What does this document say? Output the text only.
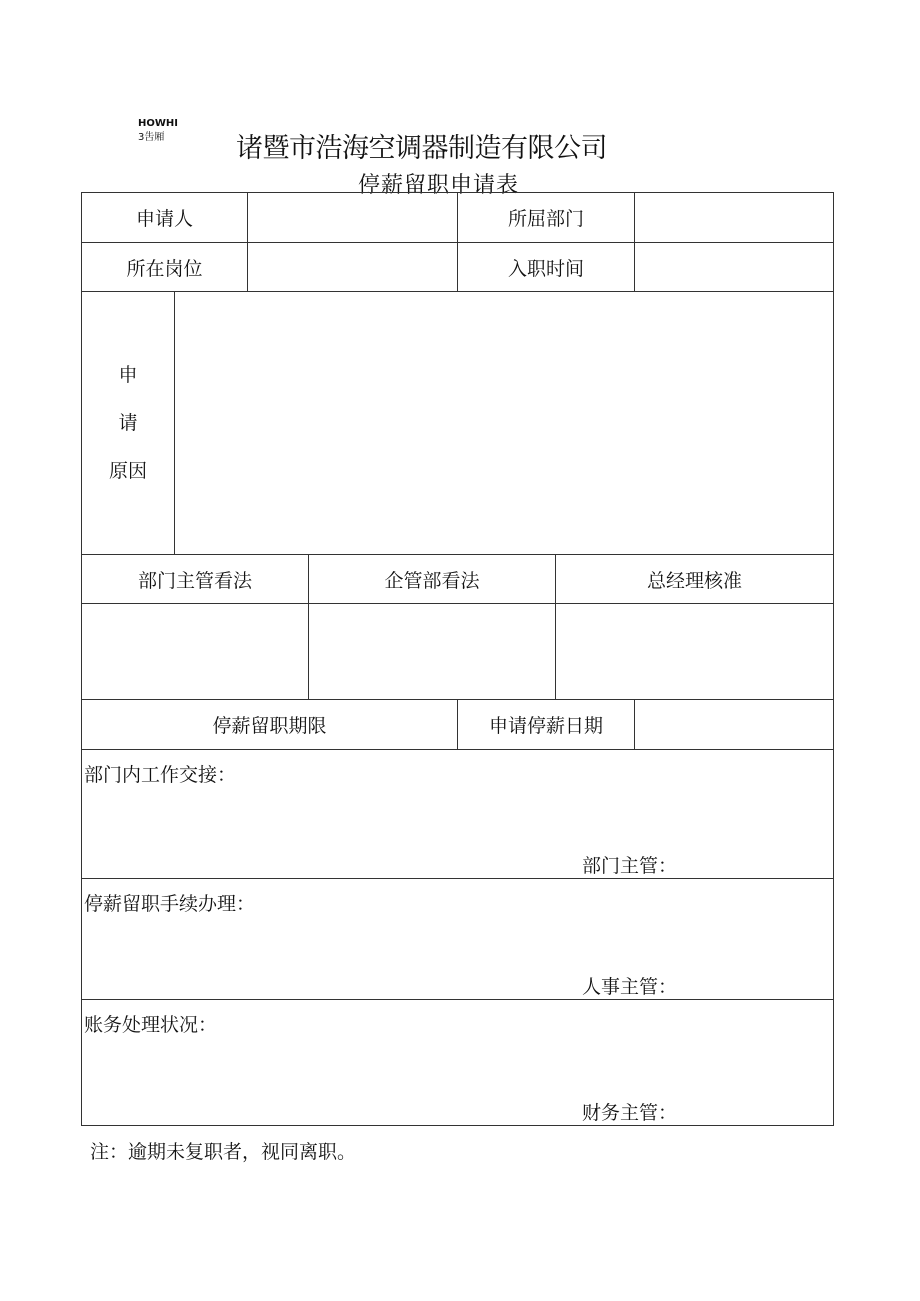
HOWHI
3吿厢	诸暨市浩海空调器制造有限公司
停薪留职申请表
申请人				所屈部门		
所在岗位				入职时间		

申
请
原因						

部门主管看法			企管部看法		总经理核准	

停薪留职期限				申请停薪日期		

部门内工作交接：
部门主管：						

停薪留职手续办理：
人事主管：						

账务处理状况：
财务主管：						
注：逾期未复职者，视同离职。
